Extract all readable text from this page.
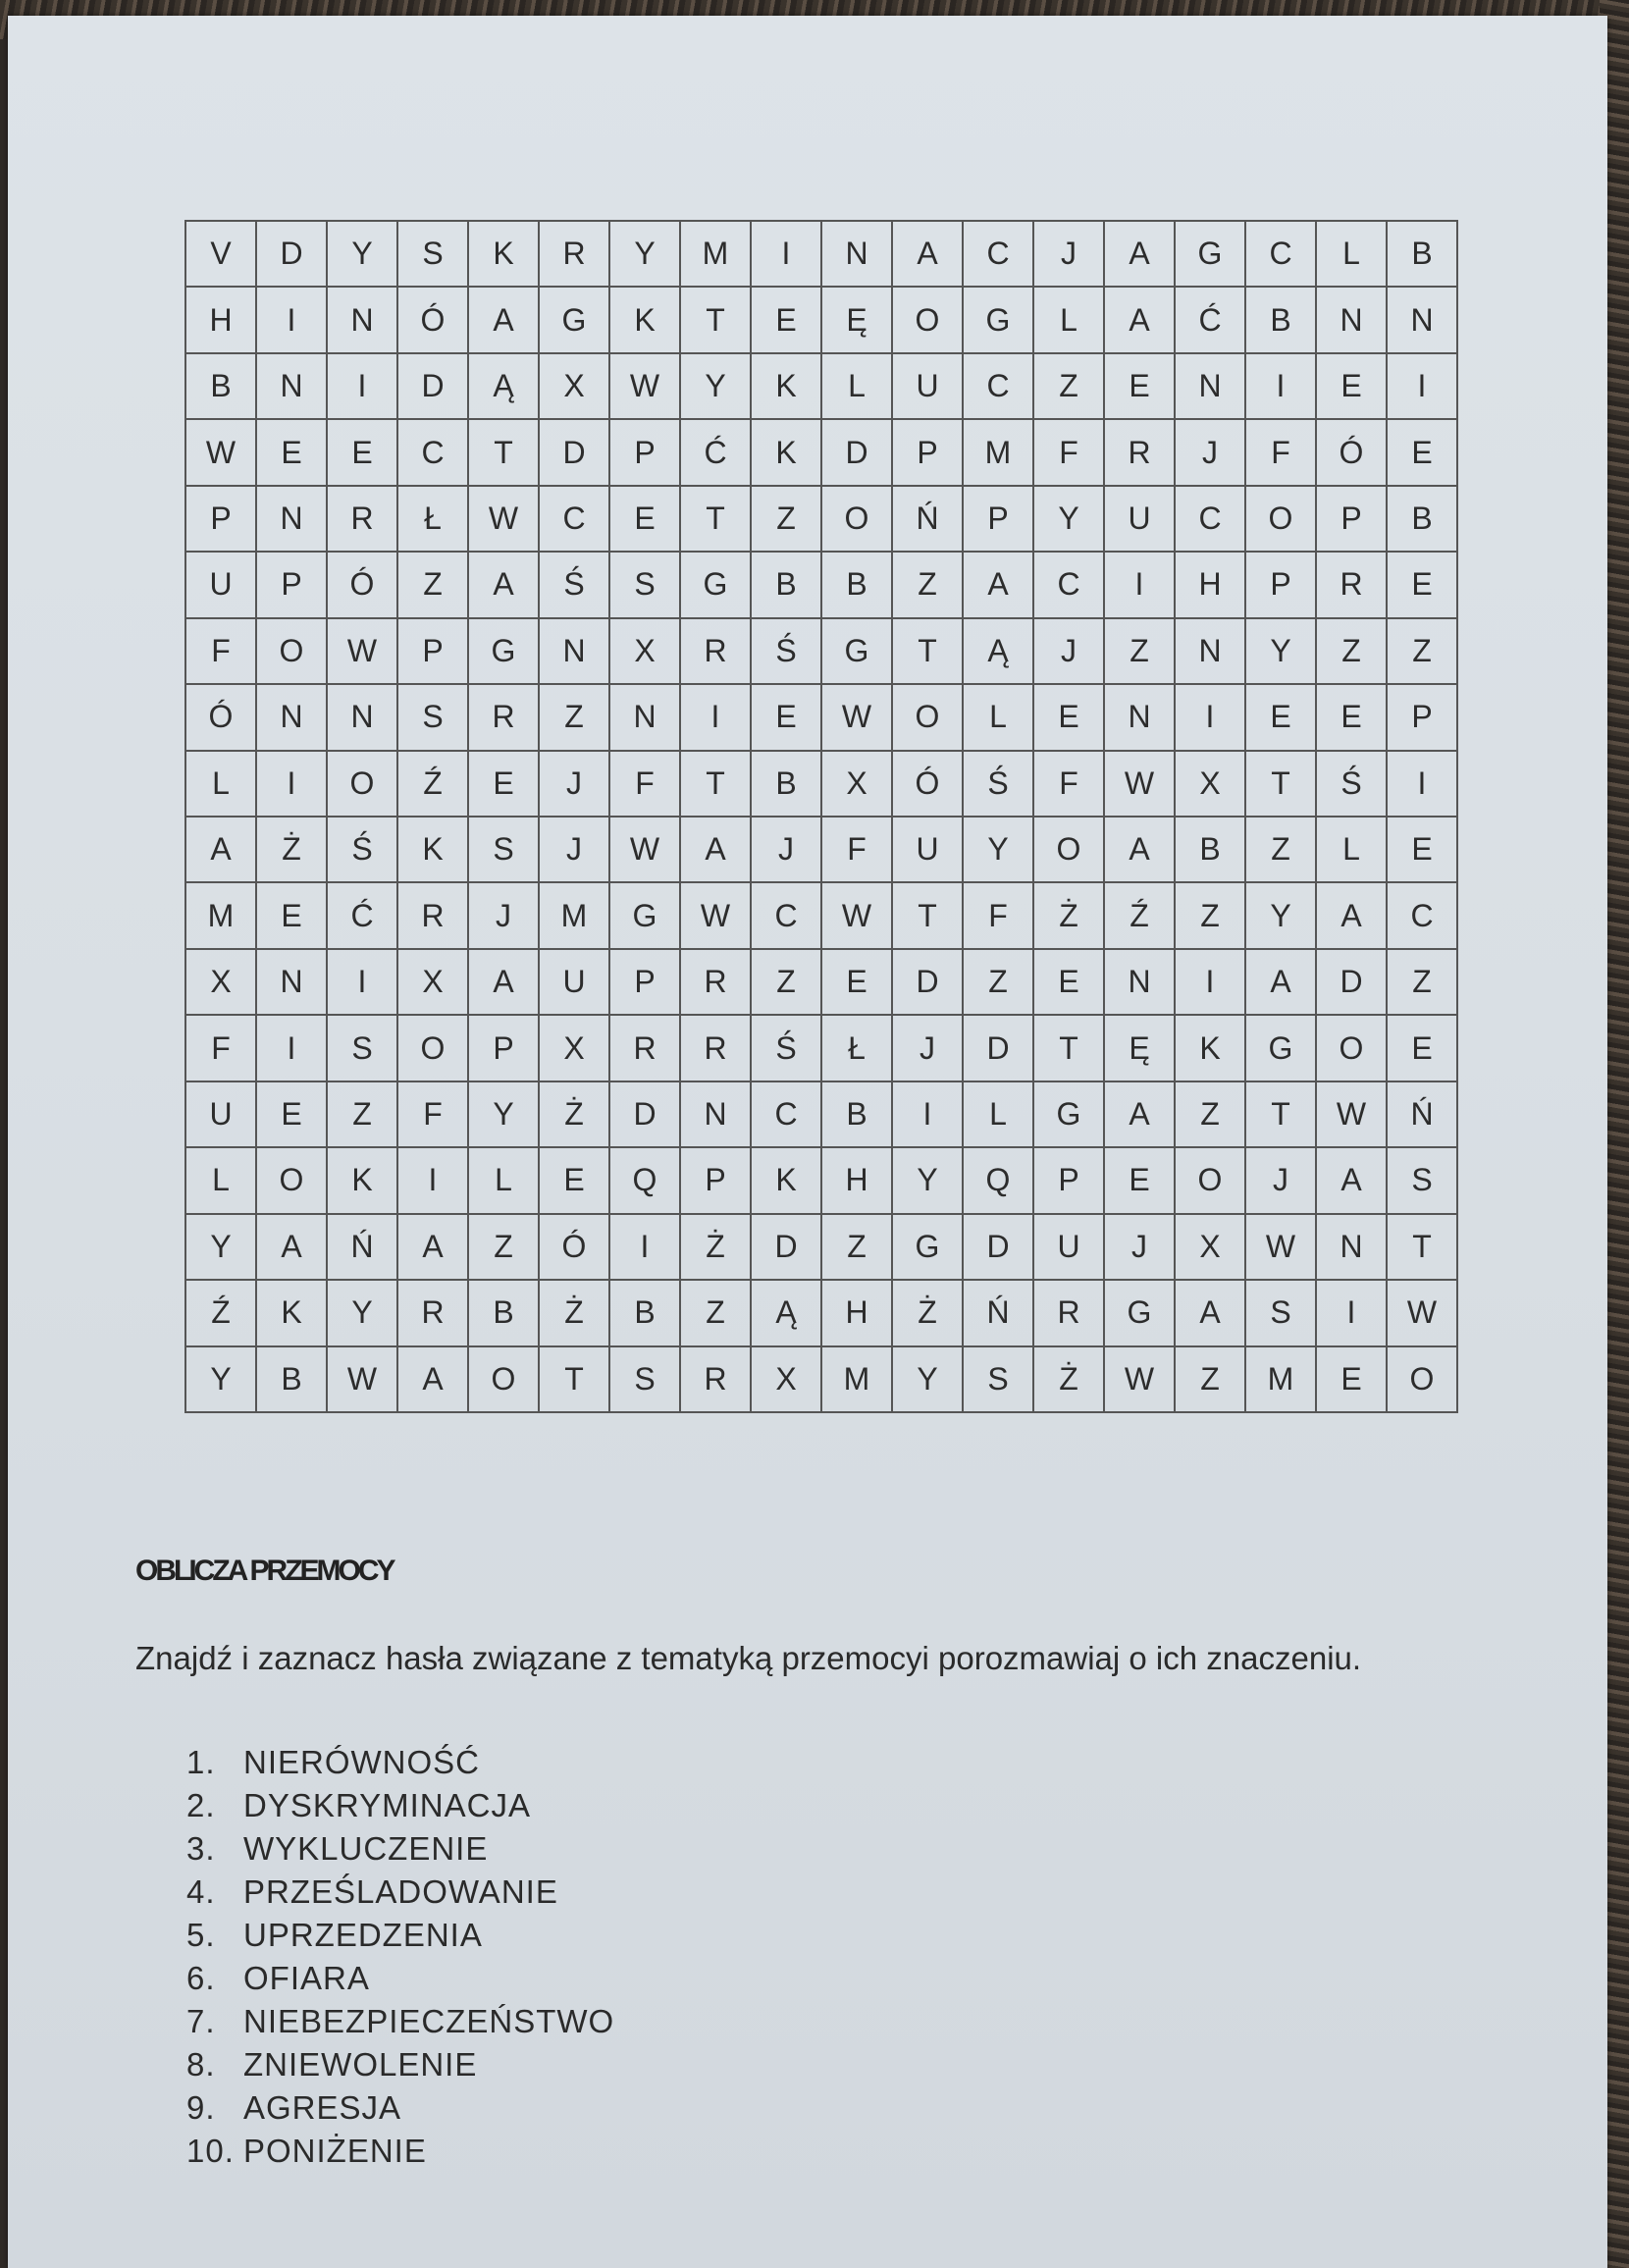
V	D	Y	S	K	R	Y	M	I	N	A	C	J	A	G	C	L	B
H	I	N	Ó	A	G	K	T	E	Ę	O	G	L	A	Ć	B	N	N
B	N	I	D	Ą	X	W	Y	K	L	U	C	Z	E	N	I	E	I
W	E	E	C	T	D	P	Ć	K	D	P	M	F	R	J	F	Ó	E
P	N	R	Ł	W	C	E	T	Z	O	Ń	P	Y	U	C	O	P	B
U	P	Ó	Z	A	Ś	S	G	B	B	Z	A	C	I	H	P	R	E
F	O	W	P	G	N	X	R	Ś	G	T	Ą	J	Z	N	Y	Z	Z
Ó	N	N	S	R	Z	N	I	E	W	O	L	E	N	I	E	E	P
L	I	O	Ź	E	J	F	T	B	X	Ó	Ś	F	W	X	T	Ś	I
A	Ż	Ś	K	S	J	W	A	J	F	U	Y	O	A	B	Z	L	E
M	E	Ć	R	J	M	G	W	C	W	T	F	Ż	Ź	Z	Y	A	C
X	N	I	X	A	U	P	R	Z	E	D	Z	E	N	I	A	D	Z
F	I	S	O	P	X	R	R	Ś	Ł	J	D	T	Ę	K	G	O	E
U	E	Z	F	Y	Ż	D	N	C	B	I	L	G	A	Z	T	W	Ń
L	O	K	I	L	E	Q	P	K	H	Y	Q	P	E	O	J	A	S
Y	A	Ń	A	Z	Ó	I	Ż	D	Z	G	D	U	J	X	W	N	T
Ź	K	Y	R	B	Ż	B	Z	Ą	H	Ż	Ń	R	G	A	S	I	W
Y	B	W	A	O	T	S	R	X	M	Y	S	Ż	W	Z	M	E	O
OBLICZA PRZEMOCY
Znajdź i zaznacz hasła związane z tematyką przemocyi porozmawiaj o ich znaczeniu.
1. NIERÓWNOŚĆ
2. DYSKRYMINACJA
3. WYKLUCZENIE
4. PRZEŚLADOWANIE
5. UPRZEDZENIA
6. OFIARA
7. NIEBEZPIECZEŃSTWO
8. ZNIEWOLENIE
9. AGRESJA
10. PONIŻENIE
